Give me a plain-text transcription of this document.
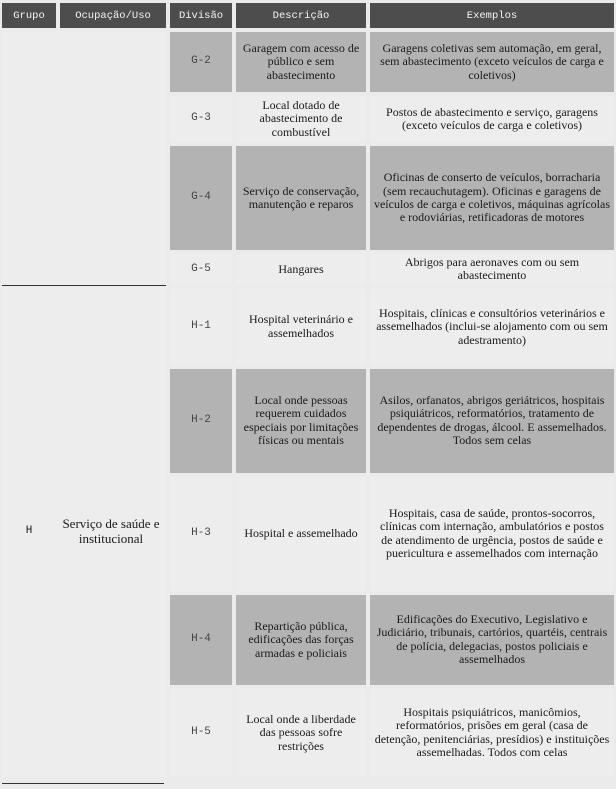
Grupo	Ocupação/Uso	Divisão	Descrição	Exemplos
		G-2	Garagem com acesso de público e sem abastecimento	Garagens coletivas sem automação, em geral, sem abastecimento (exceto veículos de carga e coletivos)
		G-3	Local dotado de abastecimento de combustível	Postos de abastecimento e serviço, garagens (exceto veículos de carga e coletivos)
		G-4	Serviço de conservação, manutenção e reparos	Oficinas de conserto de veículos, borracharia (sem recauchutagem). Oficinas e garagens de veículos de carga e coletivos, máquinas agrícolas e rodoviárias, retificadoras de motores
		G-5	Hangares	Abrigos para aeronaves com ou sem abastecimento
H	Serviço de saúde e institucional	H-1	Hospital veterinário e assemelhados	Hospitais, clínicas e consultórios veterinários e assemelhados (inclui-se alojamento com ou sem adestramento)
		H-2	Local onde pessoas requerem cuidados especiais por limitações físicas ou mentais	Asilos, orfanatos, abrigos geriátricos, hospitais psiquiátricos, reformatórios, tratamento de dependentes de drogas, álcool. E assemelhados. Todos sem celas
		H-3	Hospital e assemelhado	Hospitais, casa de saúde, prontos-socorros, clínicas com internação, ambulatórios e postos de atendimento de urgência, postos de saúde e puericultura e assemelhados com internação
		H-4	Repartição pública, edificações das forças armadas e policiais	Edificações do Executivo, Legislativo e Judiciário, tribunais, cartórios, quartéis, centrais de polícia, delegacias, postos policiais e assemelhados
		H-5	Local onde a liberdade das pessoas sofre restrições	Hospitais psiquiátricos, manicômios, reformatórios, prisões em geral (casa de detenção, penitenciárias, presídios) e instituições assemelhadas. Todos com celas
